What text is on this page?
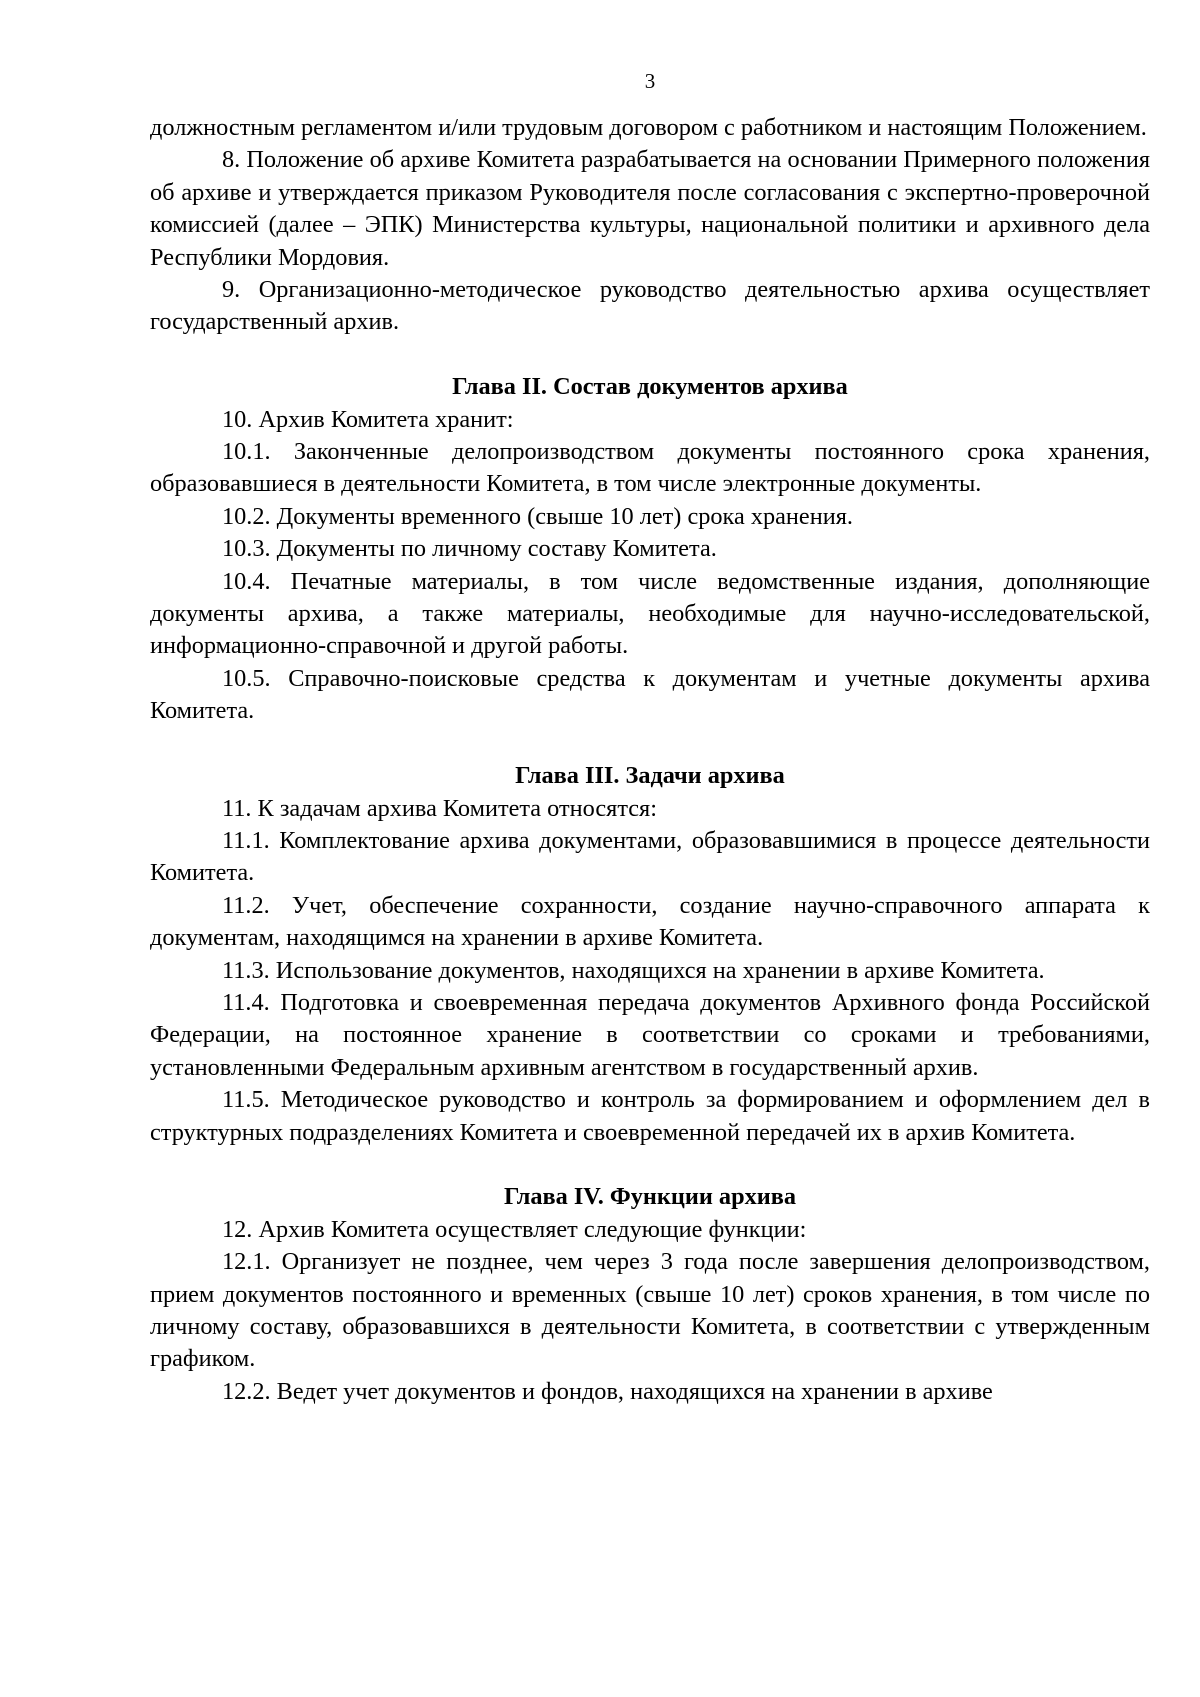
3

должностным регламентом и/или трудовым договором с работником и настоящим Положением.

8. Положение об архиве Комитета разрабатывается на основании Примерного положения об архиве и утверждается приказом Руководителя после согласования с экспертно-проверочной комиссией (далее – ЭПК) Министерства культуры, национальной политики и архивного дела Республики Мордовия.

9. Организационно-методическое руководство деятельностью архива осуществляет государственный архив.

Глава II. Состав документов архива

10. Архив Комитета хранит:

10.1. Законченные делопроизводством документы постоянного срока хранения, образовавшиеся в деятельности Комитета, в том числе электронные документы.

10.2. Документы временного (свыше 10 лет) срока хранения.

10.3. Документы по личному составу Комитета.

10.4. Печатные материалы, в том числе ведомственные издания, дополняющие документы архива, а также материалы, необходимые для научно-исследовательской, информационно-справочной и другой работы.

10.5. Справочно-поисковые средства к документам и учетные документы архива Комитета.

Глава III. Задачи архива

11. К задачам архива Комитета относятся:

11.1. Комплектование архива документами, образовавшимися в процессе деятельности Комитета.

11.2. Учет, обеспечение сохранности, создание научно-справочного аппарата к документам, находящимся на хранении в архиве Комитета.

11.3. Использование документов, находящихся на хранении в архиве Комитета.

11.4. Подготовка и своевременная передача документов Архивного фонда Российской Федерации, на постоянное хранение в соответствии со сроками и требованиями, установленными Федеральным архивным агентством в государственный архив.

11.5. Методическое руководство и контроль за формированием и оформлением дел в структурных подразделениях Комитета и своевременной передачей их в архив Комитета.

Глава IV. Функции архива

12. Архив Комитета осуществляет следующие функции:

12.1. Организует не позднее, чем через 3 года после завершения делопроизводством, прием документов постоянного и временных (свыше 10 лет) сроков хранения, в том числе по личному составу, образовавшихся в деятельности Комитета, в соответствии с утвержденным графиком.

12.2. Ведет учет документов и фондов, находящихся на хранении в архиве
